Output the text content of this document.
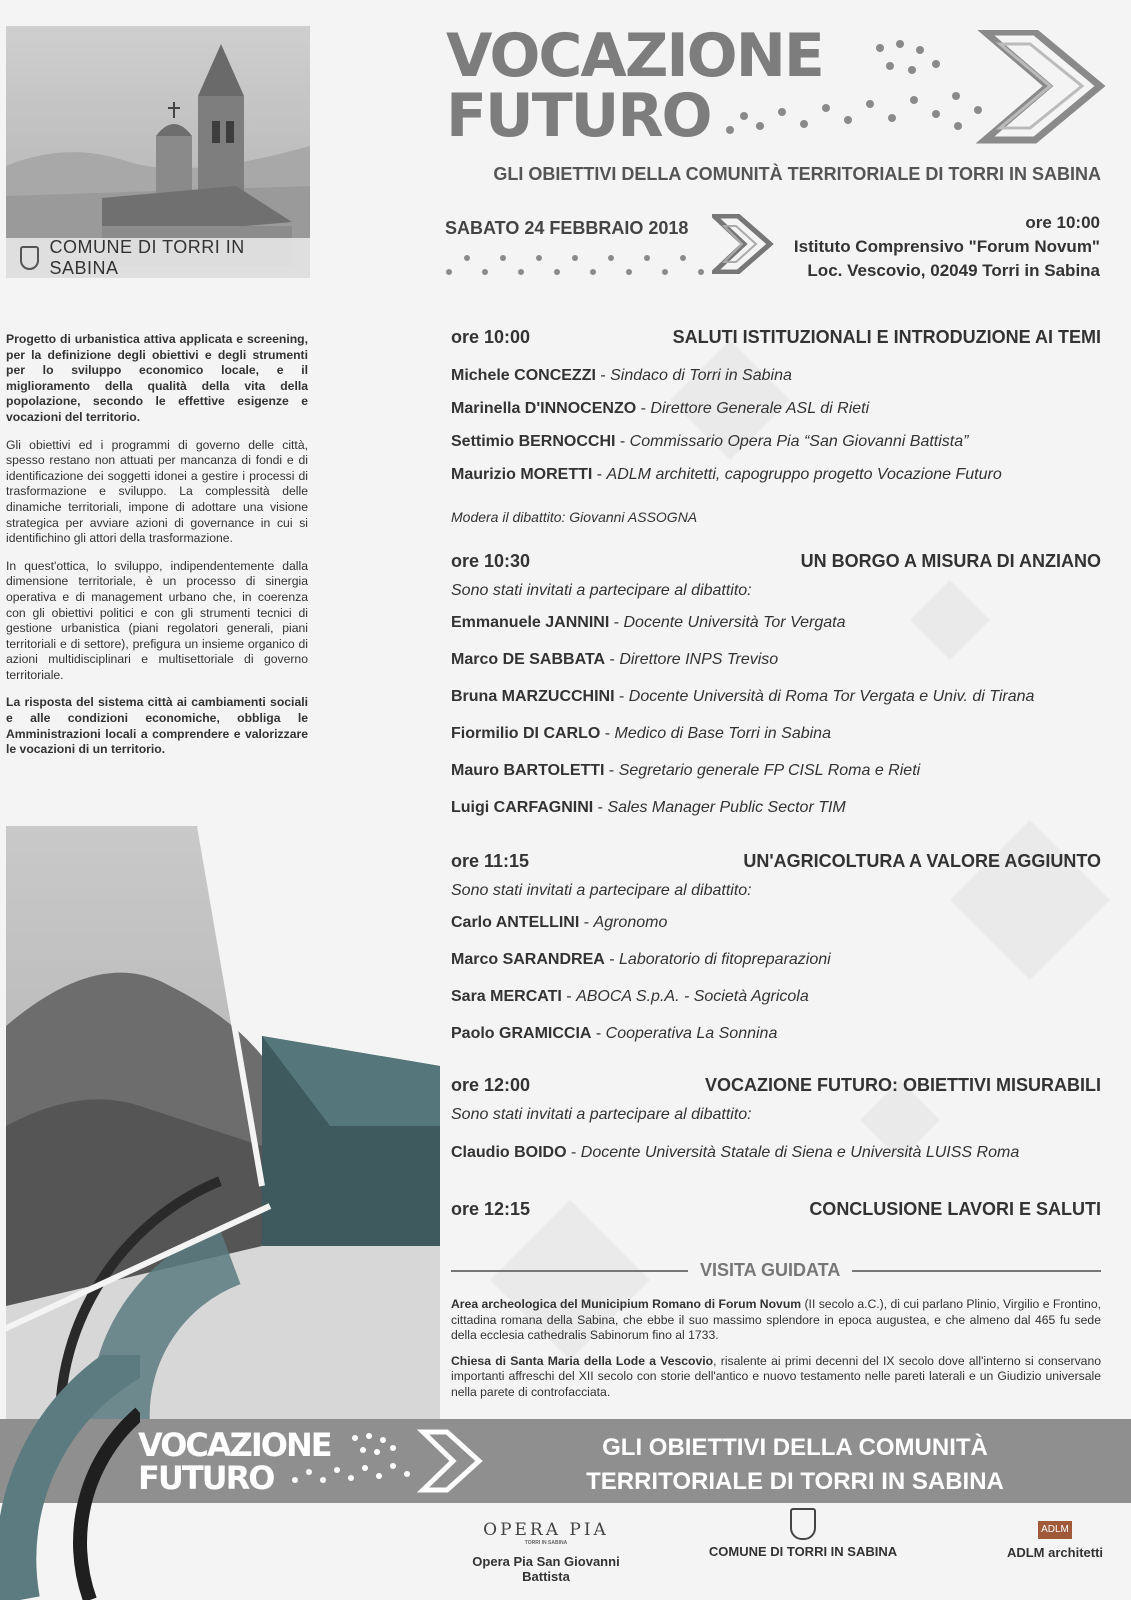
COMUNE DI TORRI IN SABINA
VOCAZIONE
FUTURO
GLI OBIETTIVI DELLA COMUNITÀ TERRITORIALE DI TORRI IN SABINA
SABATO 24 FEBBRAIO 2018	ore 10:00
Istituto Comprensivo "Forum Novum"
Loc. Vescovio, 02049 Torri in Sabina

Progetto di urbanistica attiva applicata e screening, per la definizione degli obiettivi e degli strumenti per lo sviluppo economico locale, e il miglioramento della qualità della vita della popolazione, secondo le effettive esigenze e vocazioni del territorio.

Gli obiettivi ed i programmi di governo delle città, spesso restano non attuati per mancanza di fondi e di identificazione dei soggetti idonei a gestire i processi di trasformazione e sviluppo. La complessità delle dinamiche territoriali, impone di adottare una visione strategica per avviare azioni di governance in cui si identifichino gli attori della trasformazione.

In quest'ottica, lo sviluppo, indipendentemente dalla dimensione territoriale, è un processo di sinergia operativa e di management urbano che, in coerenza con gli obiettivi politici e con gli strumenti tecnici di gestione urbanistica (piani regolatori generali, piani territoriali e di settore), prefigura un insieme organico di azioni multidisciplinari e multisettoriale di governo territoriale.

La risposta del sistema città ai cambiamenti sociali e alle condizioni economiche, obbliga le Amministrazioni locali a comprendere e valorizzare le vocazioni di un territorio.

ore 10:00	SALUTI ISTITUZIONALI E INTRODUZIONE AI TEMI
Michele CONCEZZI - Sindaco di Torri in Sabina
Marinella D'INNOCENZO - Direttore Generale ASL di Rieti
Settimio BERNOCCHI - Commissario Opera Pia “San Giovanni Battista”
Maurizio MORETTI - ADLM architetti, capogruppo progetto Vocazione Futuro
Modera il dibattito: Giovanni ASSOGNA
ore 10:30	UN BORGO A MISURA DI ANZIANO
Sono stati invitati a partecipare al dibattito:
Emmanuele JANNINI - Docente Università Tor Vergata
Marco DE SABBATA - Direttore INPS Treviso
Bruna MARZUCCHINI - Docente Università di Roma Tor Vergata e Univ. di Tirana
Fiormilio DI CARLO - Medico di Base Torri in Sabina
Mauro BARTOLETTI - Segretario generale FP CISL Roma e Rieti
Luigi CARFAGNINI - Sales Manager Public Sector TIM
ore 11:15	UN'AGRICOLTURA A VALORE AGGIUNTO
Sono stati invitati a partecipare al dibattito:
Carlo ANTELLINI - Agronomo
Marco SARANDREA - Laboratorio di fitopreparazioni
Sara MERCATI - ABOCA S.p.A. - Società Agricola
Paolo GRAMICCIA - Cooperativa La Sonnina
ore 12:00	VOCAZIONE FUTURO: OBIETTIVI MISURABILI
Sono stati invitati a partecipare al dibattito:
Claudio BOIDO - Docente Università Statale di Siena e Università LUISS Roma
ore 12:15	CONCLUSIONE LAVORI E SALUTI
VISITA GUIDATA

Area archeologica del Municipium Romano di Forum Novum (II secolo a.C.), di cui parlano Plinio, Virgilio e Frontino, cittadina romana della Sabina, che ebbe il suo massimo splendore in epoca augustea, e che almeno dal 465 fu sede della ecclesia cathedralis Sabinorum fino al 1733.

Chiesa di Santa Maria della Lode a Vescovio, risalente ai primi decenni del IX secolo dove all'interno si conservano importanti affreschi del XII secolo con storie dell'antico e nuovo testamento nelle pareti laterali e un Giudizio universale nella parete di controfacciata.

VOCAZIONE
FUTURO
GLI OBIETTIVI DELLA COMUNITÀ
TERRITORIALE DI TORRI IN SABINA
OPERA PIA
TORRI IN SABINA
Opera Pia San Giovanni Battista
COMUNE DI TORRI IN SABINA
ADLM
ADLM architetti
